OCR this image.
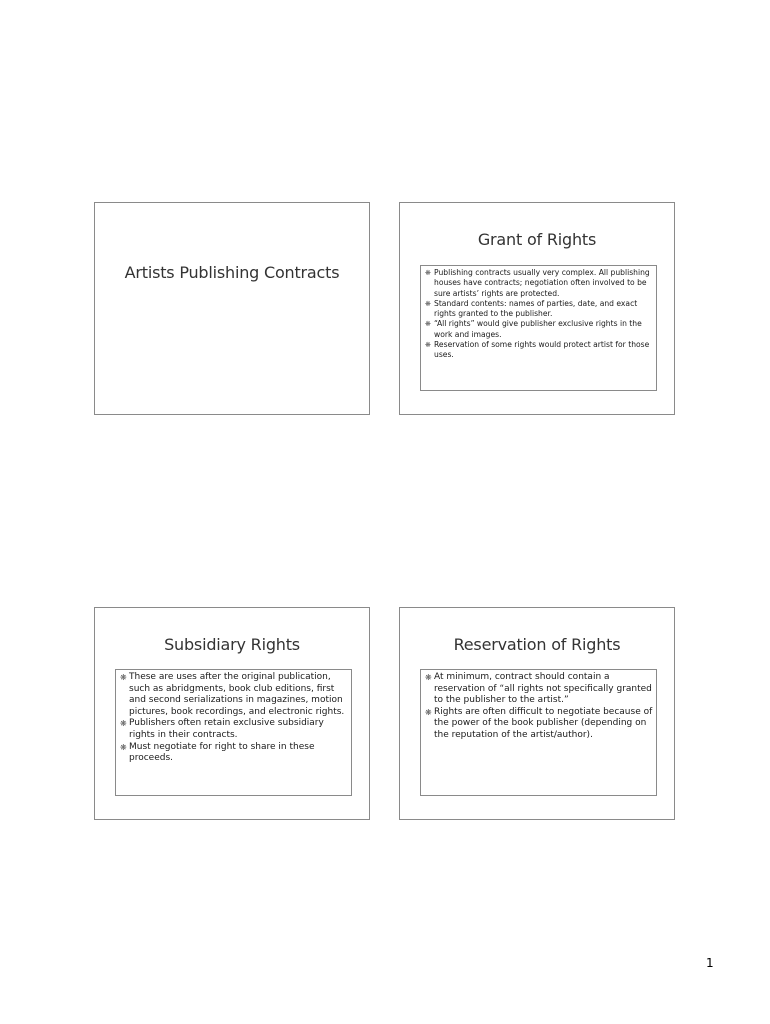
Artists Publishing Contracts
Grant of Rights
❋ Publishing contracts usually very complex. All publishing houses have contracts; negotiation often involved to be sure artists’ rights are protected.
❋ Standard contents: names of parties, date, and exact rights granted to the publisher.
❋ “All rights” would give publisher exclusive rights in the work and images.
❋ Reservation of some rights would protect artist for those uses.
Subsidiary Rights
❋ These are uses after the original publication, such as abridgments, book club editions, first and second serializations in magazines, motion pictures, book recordings, and electronic rights.
❋ Publishers often retain exclusive subsidiary rights in their contracts.
❋ Must negotiate for right to share in these proceeds.
Reservation of Rights
❋ At minimum, contract should contain a reservation of “all rights not specifically granted to the publisher to the artist.”
❋ Rights are often difficult to negotiate because of the power of the book publisher (depending on the reputation of the artist/author).
1
